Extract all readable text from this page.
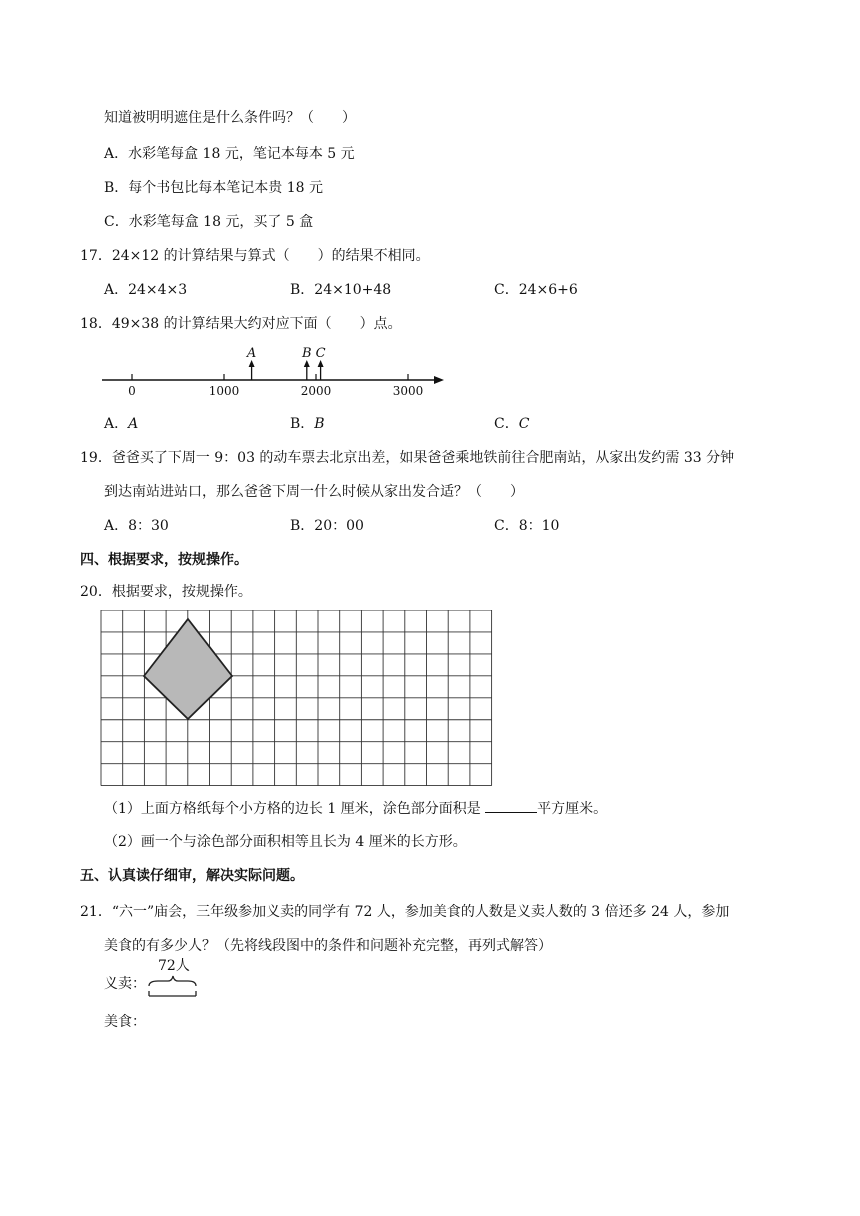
知道被明明遮住是什么条件吗？（　　）
A．水彩笔每盒 18 元，笔记本每本 5 元
B．每个书包比每本笔记本贵 18 元
C．水彩笔每盒 18 元，买了 5 盒
17．24×12 的计算结果与算式（　　）的结果不相同。
A．24×4×3	B．24×10+48	C．24×6+6
18．49×38 的计算结果大约对应下面（　　）点。
0	1000	2000	3000
A	B C
A．A	B．B	C．C
19．爸爸买了下周一 9：03 的动车票去北京出差，如果爸爸乘地铁前往合肥南站，从家出发约需 33 分钟
到达南站进站口，那么爸爸下周一什么时候从家出发合适？（　　）
A．8：30	B．20：00	C．8：10
四、根据要求，按规操作。
20．根据要求，按规操作。
（1）上面方格纸每个小方格的边长 1 厘米，涂色部分面积是	平方厘米。
（2）画一个与涂色部分面积相等且长为 4 厘米的长方形。
五、认真读仔细审，解决实际问题。
21．“六一”庙会，三年级参加义卖的同学有 72 人，参加美食的人数是义卖人数的 3 倍还多 24 人，参加
美食的有多少人？（先将线段图中的条件和问题补充完整，再列式解答）
义卖：
72人
美食：
